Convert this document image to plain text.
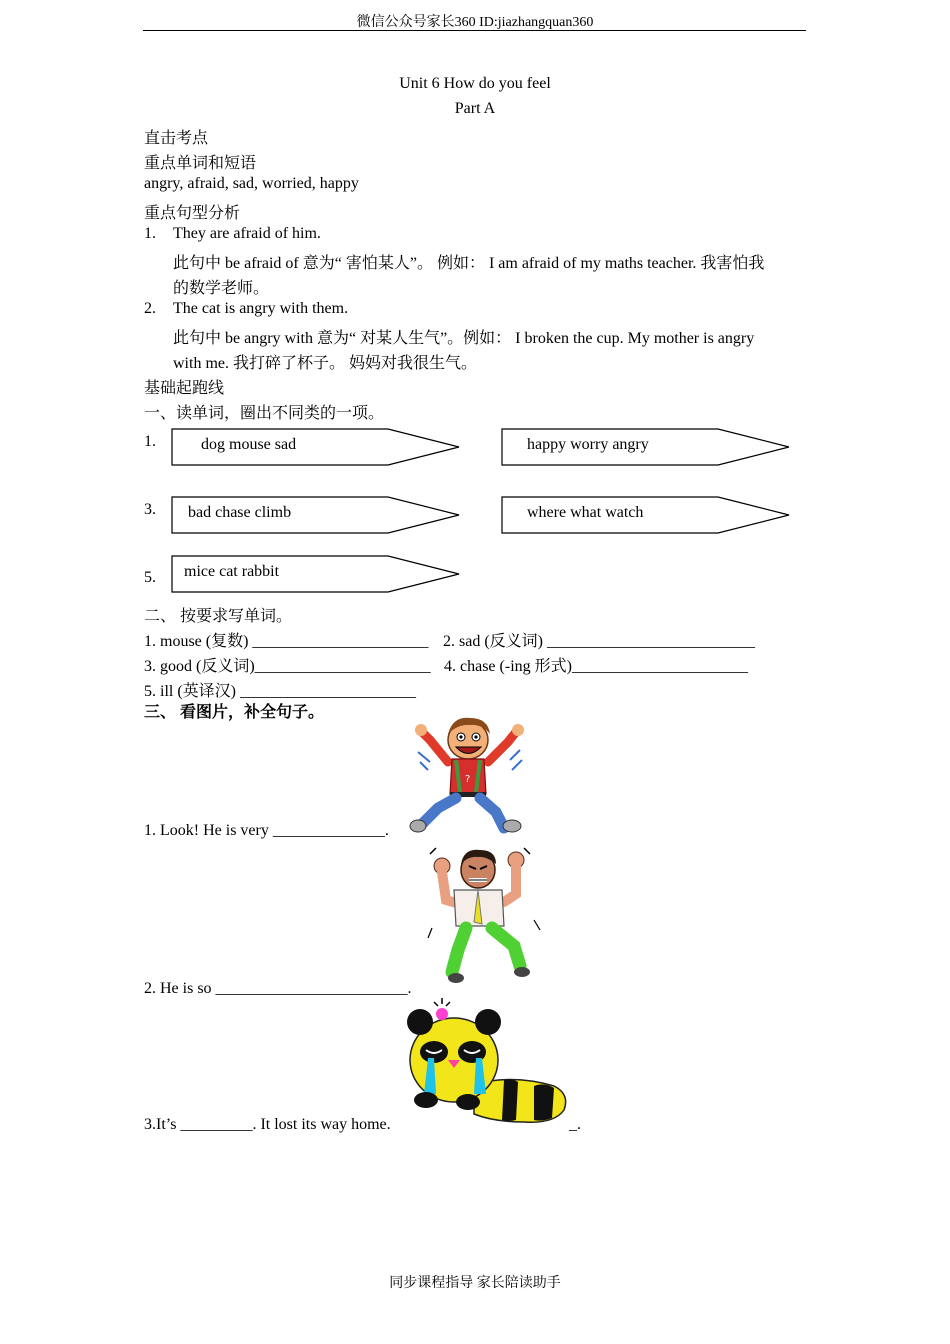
微信公众号家长360 ID:jiazhangquan360
Unit 6 How do you feel
Part A
直击考点
重点单词和短语
angry, afraid, sad, worried, happy
重点句型分析
1. They are afraid of him.
此句中 be afraid of 意为“ 害怕某人”。 例如： I am afraid of my maths teacher. 我害怕我
的数学老师。
2. The cat is angry with them.
此句中 be angry with 意为“ 对某人生气”。例如： I broken the cup. My mother is angry
with me. 我打碎了杯子。 妈妈对我很生气。
基础起跑线
一、读单词，圈出不同类的一项。
1.	dog mouse sad	happy worry angry
3. bad chase climb	where what watch
5. mice cat rabbit
二、 按要求写单词。
1. mouse (复数) ______________________ 2. sad (反义词) __________________________
3. good (反义词)______________________ 4. chase (-ing 形式)______________________
5. ill (英译汉) ______________________
三、 看图片，补全句子。
?
1. Look! He is very ______________.
2. He is so ________________________.
3.It’s _________. It lost its way home.	_.
同步课程指导 家长陪读助手
